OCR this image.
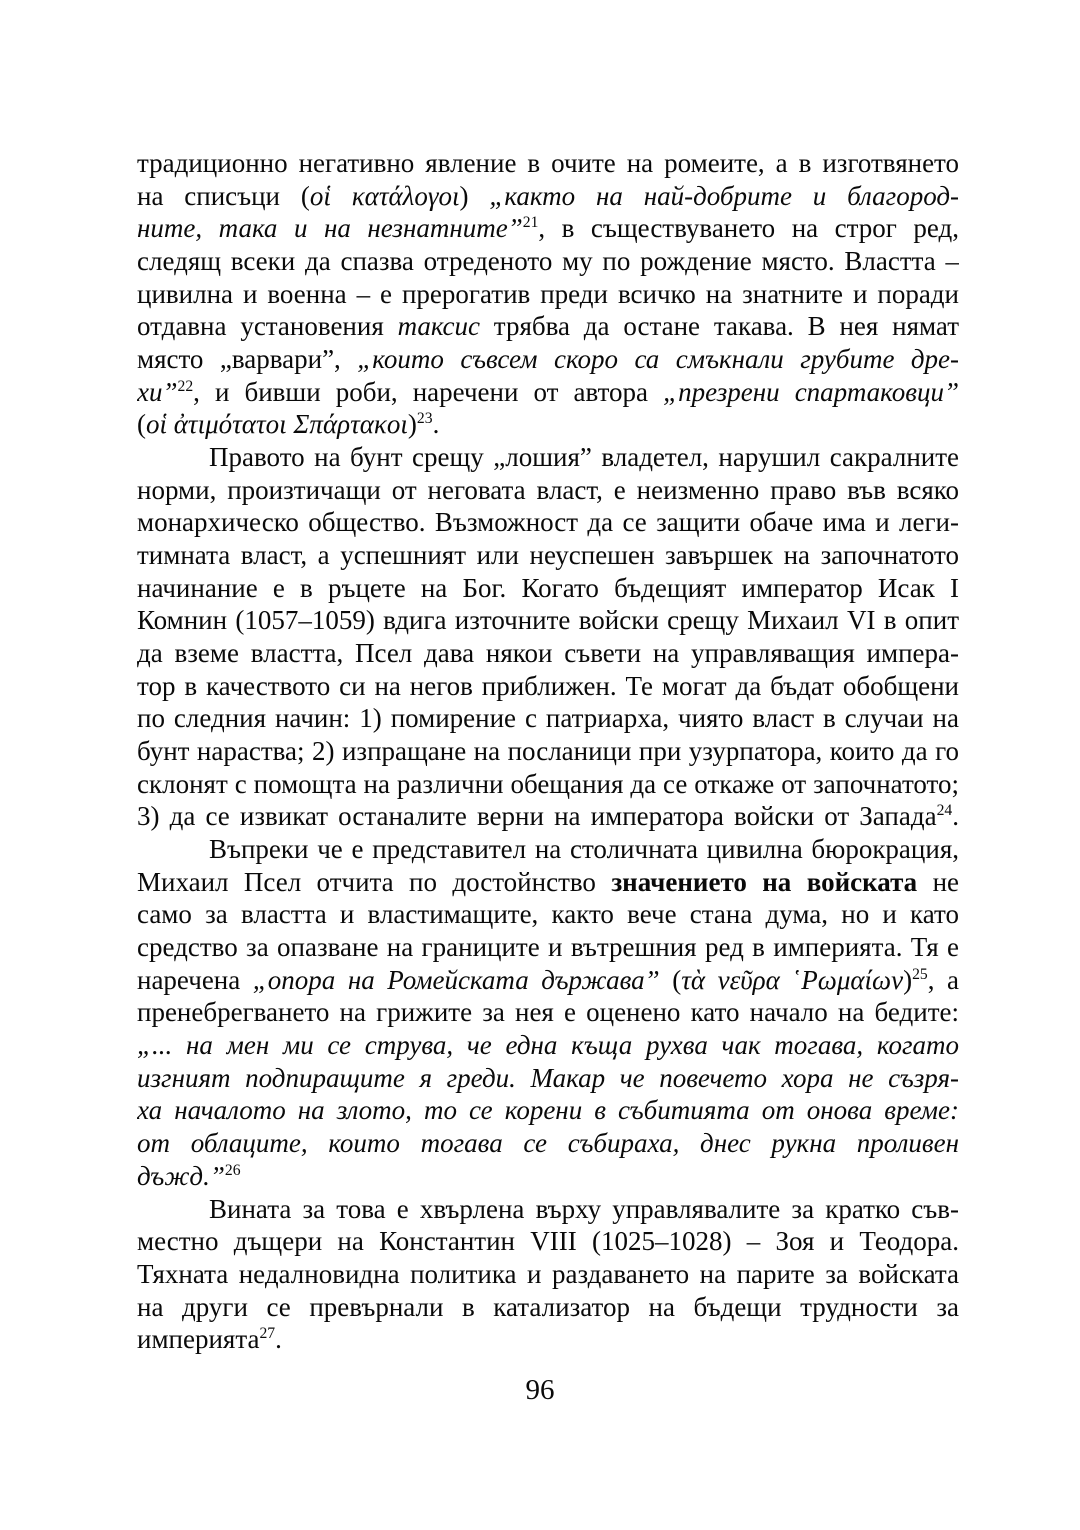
традиционно негативно явление в очите на ромеите, а в изготвянето
на списъци (οἱ κατάλογοι) „както на най-добрите и благород-
ните, така и на незнатните”$^{21}$, в съществуването на строг ред,
следящ всеки да спазва отреденото му по рождение място. Властта –
цивилна и военна – е прерогатив преди всичко на знатните и поради
отдавна установения таксис трябва да остане такава. В нея нямат
място „варвари”, „които съвсем скоро са смъкнали грубите дре-
хи”$^{22}$, и бивши роби, наречени от автора „презрени спартаковци”
(οἱ ἀτιμότατοι Σπάρτακοι)$^{23}$.
Правото на бунт срещу „лошия” владетел, нарушил сакралните
норми, произтичащи от неговата власт, е неизменно право във всяко
монархическо общество. Възможност да се защити обаче има и леги-
тимната власт, а успешният или неуспешен завършек на започнатото
начинание е в ръцете на Бог. Когато бъдещият император Исак I
Комнин (1057–1059) вдига източните войски срещу Михаил VI в опит
да вземе властта, Псел дава някои съвети на управляващия импера-
тор в качеството си на негов приближен. Те могат да бъдат обобщени
по следния начин: 1) помирение с патриарха, чиято власт в случаи на
бунт нараства; 2) изпращане на посланици при узурпатора, които да го
склонят с помощта на различни обещания да се откаже от започнатото;
3) да се извикат останалите верни на императора войски от Запада$^{24}$.
Въпреки че е представител на столичната цивилна бюрокрация,
Михаил Псел отчита по достойнство значението на войската не
само за властта и властимащите, както вече стана дума, но и като
средство за опазване на границите и вътрешния ред в империята. Тя е
наречена „опора на Ромейската държава” (τὰ νεῦρα ῾Ρωμαίων)$^{25}$, а
пренебрегването на грижите за нея е оценено като начало на бедите:
„... на мен ми се струва, че една къща рухва чак тогава, когато
изгният подпиращите я греди. Макар че повечето хора не съзря-
ха началото на злото, то се корени в събитията от онова време:
от облаците, които тогава се събираха, днес рукна проливен
дъжд.”$^{26}$
Вината за това е хвърлена върху управлявалите за кратко съв-
местно дъщери на Константин VIII (1025–1028) – Зоя и Теодора.
Тяхната недалновидна политика и раздаването на парите за войската
на други се превърнали в катализатор на бъдещи трудности за
империята$^{27}$.
96
